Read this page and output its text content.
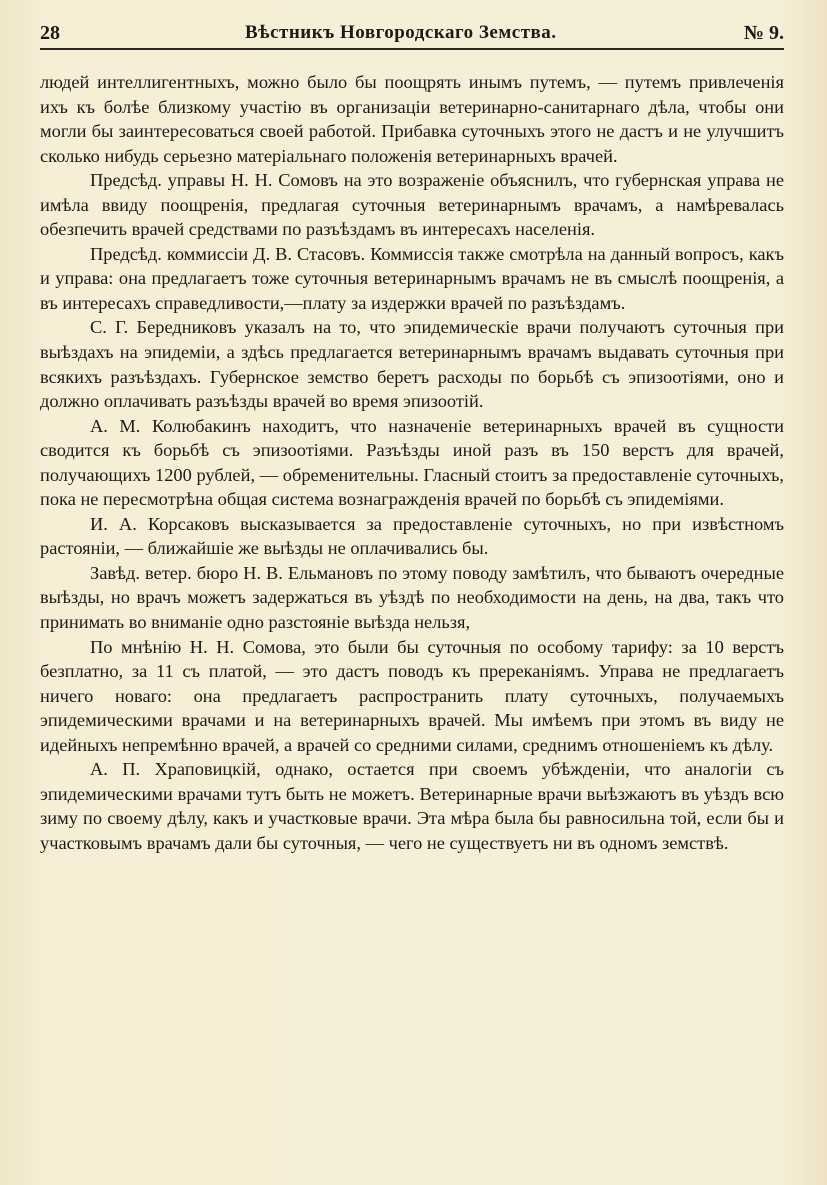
28	Вѣстникъ Новгородскаго Земства.	№ 9.

людей интеллигентныхъ, можно было бы поощрять инымъ путемъ, — путемъ привлеченія ихъ къ болѣе близкому участію въ организаціи ветеринарно-санитарнаго дѣла, чтобы они могли бы заинтересоваться своей работой. Прибавка суточныхъ этого не дастъ и не улучшитъ сколько нибудь серьезно матеріальнаго положенія ветеринарныхъ врачей.

Предсѣд. управы Н. Н. Сомовъ на это возраженіе объяснилъ, что губернская управа не имѣла ввиду поощренія, предлагая суточныя ветеринарнымъ врачамъ, а намѣревалась обезпечить врачей средствами по разъѣздамъ въ интересахъ населенія.

Предсѣд. коммиссіи Д. В. Стасовъ. Коммиссія также смотрѣла на данный вопросъ, какъ и управа: она предлагаетъ тоже суточныя ветеринарнымъ врачамъ не въ смыслѣ поощренія, а въ интересахъ справедливости,—плату за издержки врачей по разъѣздамъ.

С. Г. Бередниковъ указалъ на то, что эпидемическіе врачи получаютъ суточныя при выѣздахъ на эпидеміи, а здѣсь предлагается ветеринарнымъ врачамъ выдавать суточныя при всякихъ разъѣздахъ. Губернское земство беретъ расходы по борьбѣ съ эпизоотіями, оно и должно оплачивать разъѣзды врачей во время эпизоотій.

А. М. Колюбакинъ находитъ, что назначеніе ветеринарныхъ врачей въ сущности сводится къ борьбѣ съ эпизоотіями. Разъѣзды иной разъ въ 150 верстъ для врачей, получающихъ 1200 рублей, — обременительны. Гласный стоитъ за предоставленіе суточныхъ, пока не пересмотрѣна общая система вознагражденія врачей по борьбѣ съ эпидеміями.

И. А. Корсаковъ высказывается за предоставленіе суточныхъ, но при извѣстномъ растояніи, — ближайшіе же выѣзды не оплачивались бы.

Завѣд. ветер. бюро Н. В. Ельмановъ по этому поводу замѣтилъ, что бываютъ очередные выѣзды, но врачъ можетъ задержаться въ уѣздѣ по необходимости на день, на два, такъ что принимать во вниманіе одно разстояніе выѣзда нельзя,

По мнѣнію Н. Н. Сомова, это были бы суточныя по особому тарифу: за 10 верстъ безплатно, за 11 съ платой, — это дастъ поводъ къ пререканіямъ. Управа не предлагаетъ ничего новаго: она предлагаетъ распространить плату суточныхъ, получаемыхъ эпидемическими врачами и на ветеринарныхъ врачей. Мы имѣемъ при этомъ въ виду не идейныхъ непремѣнно врачей, а врачей со средними силами, среднимъ отношеніемъ къ дѣлу.

А. П. Храповицкій, однако, остается при своемъ убѣжденіи, что аналогіи съ эпидемическими врачами тутъ быть не можетъ. Ветеринарные врачи выѣзжаютъ въ уѣздъ всю зиму по своему дѣлу, какъ и участковые врачи. Эта мѣра была бы равносильна той, если бы и участковымъ врачамъ дали бы суточныя, — чего не существуетъ ни въ одномъ земствѣ.
